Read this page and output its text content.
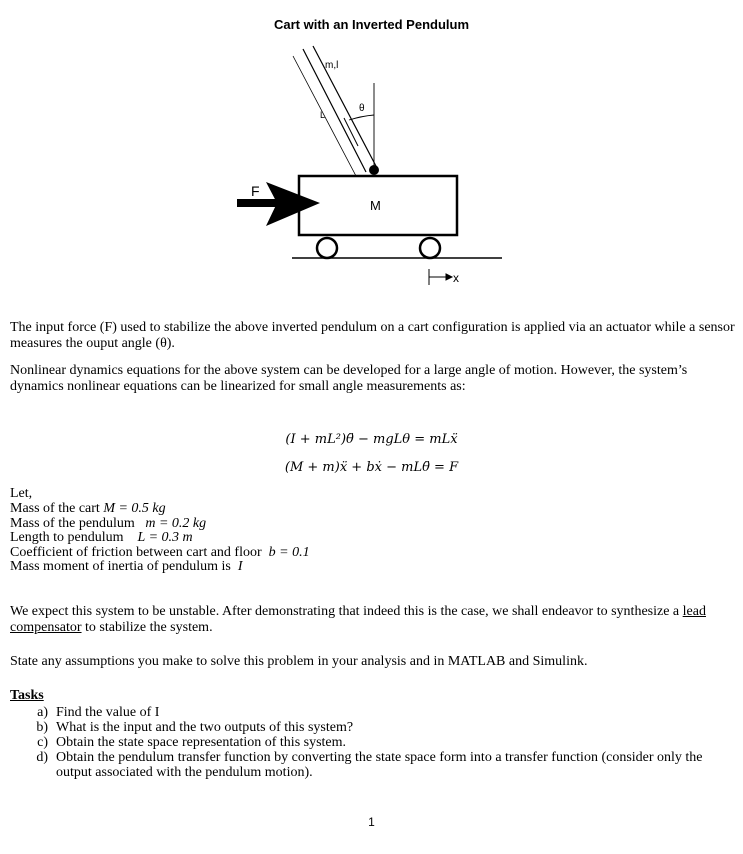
Cart with an Inverted Pendulum
m,l
L
θ
F
M
x
The input force (F) used to stabilize the above inverted pendulum on a cart configuration is applied via an actuator while a sensor measures the ouput angle (θ).
Nonlinear dynamics equations for the above system can be developed for a large angle of motion. However, the system’s dynamics nonlinear equations can be linearized for small angle measurements as:
(I + mL²)θ̈ − mgLθ = mLẍ
(M + m)ẍ + bẋ − mLθ̈ = F
Let,
Mass of the cart M = 0.5 kg
Mass of the pendulum   m = 0.2 kg
Length to pendulum    L = 0.3 m
Coefficient of friction between cart and floor  b = 0.1
Mass moment of inertia of pendulum is  I
We expect this system to be unstable. After demonstrating that indeed this is the case, we shall endeavor to synthesize a lead compensator to stabilize the system.
State any assumptions you make to solve this problem in your analysis and in MATLAB and Simulink.
Tasks
a) Find the value of I
b) What is the input and the two outputs of this system?
c) Obtain the state space representation of this system.
d) Obtain the pendulum transfer function by converting the state space form into a transfer function (consider only the output associated with the pendulum motion).
1
